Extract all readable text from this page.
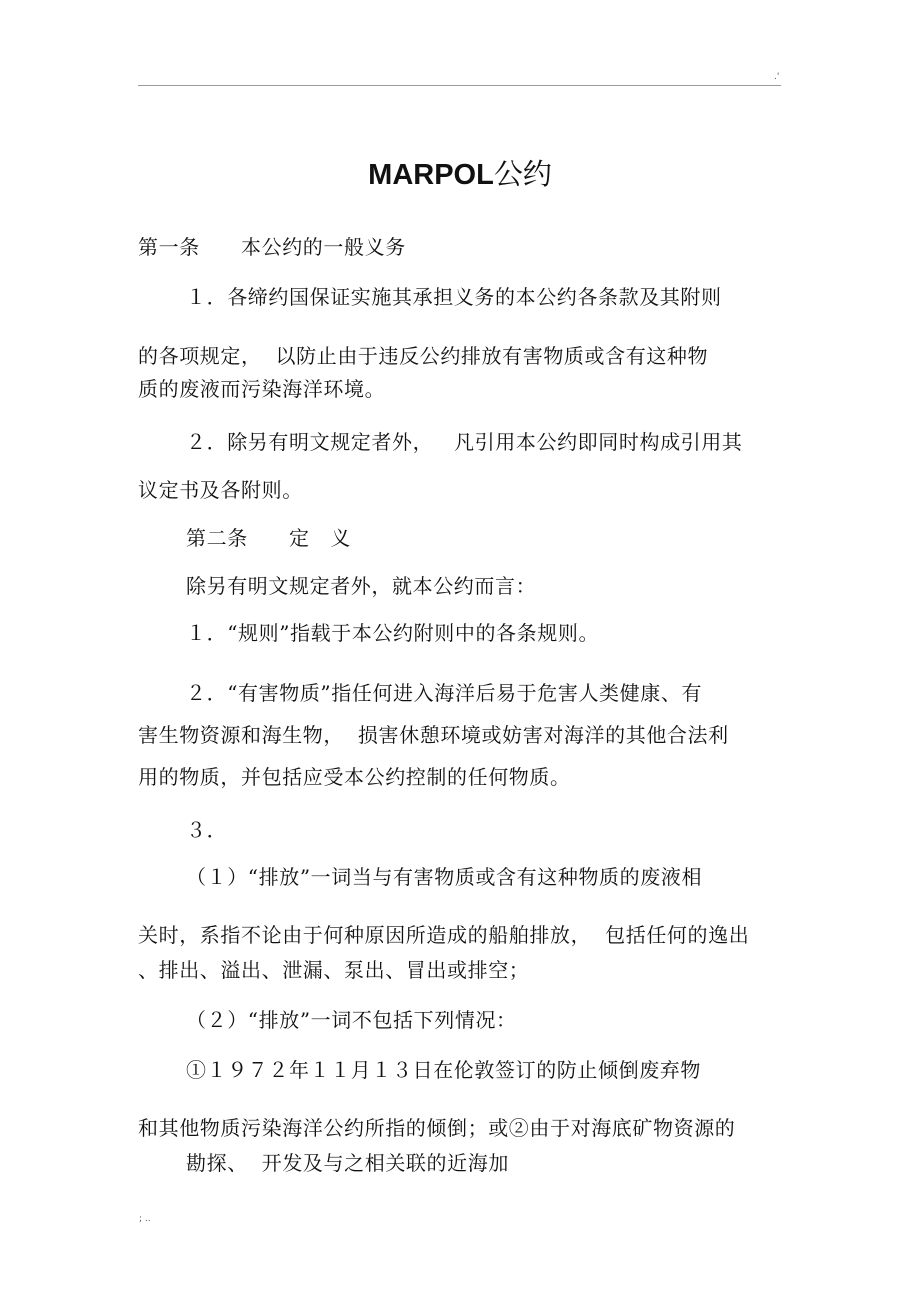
.'
; ..
MARPOL公约
第一条　　本公约的一般义务
１．各缔约国保证实施其承担义务的本公约各条款及其附则
的各项规定，  以防止由于违反公约排放有害物质或含有这种物
质的废液而污染海洋环境。
２．除另有明文规定者外，   凡引用本公约即同时构成引用其
议定书及各附则。
第二条　　定　义
除另有明文规定者外，就本公约而言：
１．“规则”指载于本公约附则中的各条规则。
２．“有害物质”指任何进入海洋后易于危害人类健康、有
害生物资源和海生物，  损害休憩环境或妨害对海洋的其他合法利
用的物质，并包括应受本公约控制的任何物质。
３．
（１）“排放”一词当与有害物质或含有这种物质的废液相
关时，系指不论由于何种原因所造成的船舶排放，  包括任何的逸出
、排出、溢出、泄漏、泵出、冒出或排空；
（２）“排放”一词不包括下列情况：
①１９７２年１１月１３日在伦敦签订的防止倾倒废弃物
和其他物质污染海洋公约所指的倾倒；或②由于对海底矿物资源的
勘探、  开发及与之相关联的近海加
